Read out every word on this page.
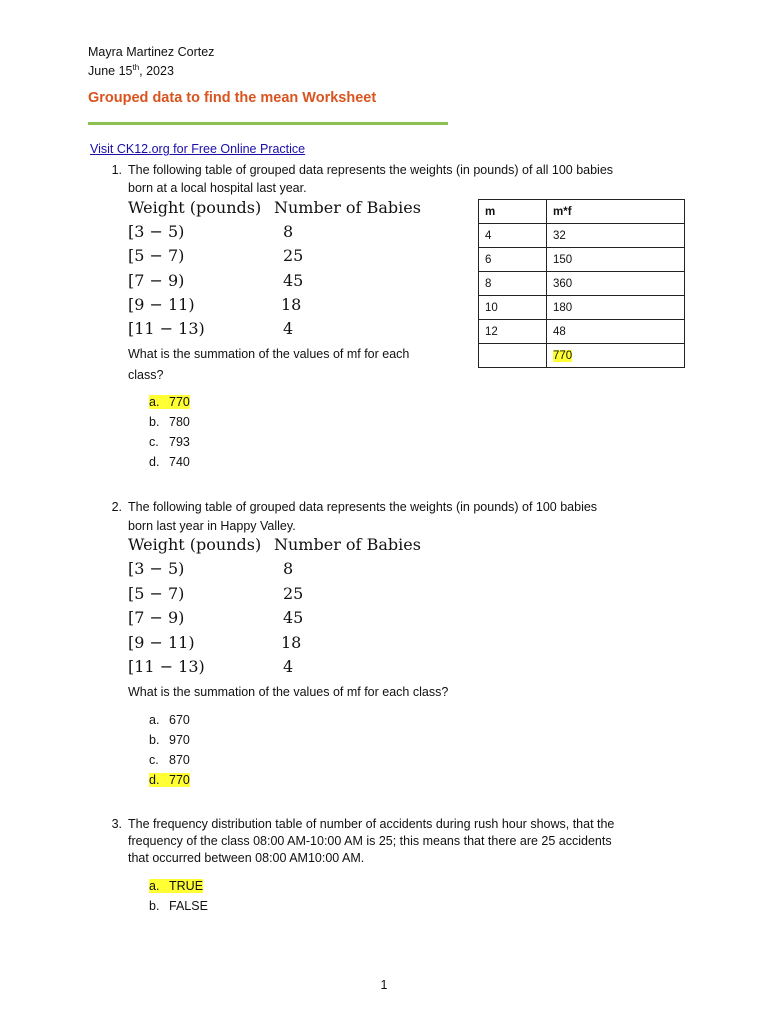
Mayra Martinez Cortez
June 15th, 2023
Grouped data to find the mean Worksheet
Visit CK12.org for Free Online Practice
1. The following table of grouped data represents the weights (in pounds) of all 100 babies
born at a local hospital last year.
Weight (pounds) Number of Babies
[3 − 5)	8
[5 − 7)	25
[7 − 9)	45
[9 − 11)	18
[11 − 13)	4
What is the summation of the values of mf for each
class?
a. 770
b. 780
c. 793
d. 740
m	m*f
4	32
6	150
8	360
10	180
12	48
	770
2. The following table of grouped data represents the weights (in pounds) of 100 babies
born last year in Happy Valley.
Weight (pounds) Number of Babies
[3 − 5)	8
[5 − 7)	25
[7 − 9)	45
[9 − 11)	18
[11 − 13)	4
What is the summation of the values of mf for each class?
a. 670
b. 970
c. 870
d. 770
3. The frequency distribution table of number of accidents during rush hour shows, that the
frequency of the class 08:00 AM-10:00 AM is 25; this means that there are 25 accidents
that occurred between 08:00 AM10:00 AM.
a. TRUE
b. FALSE
1
